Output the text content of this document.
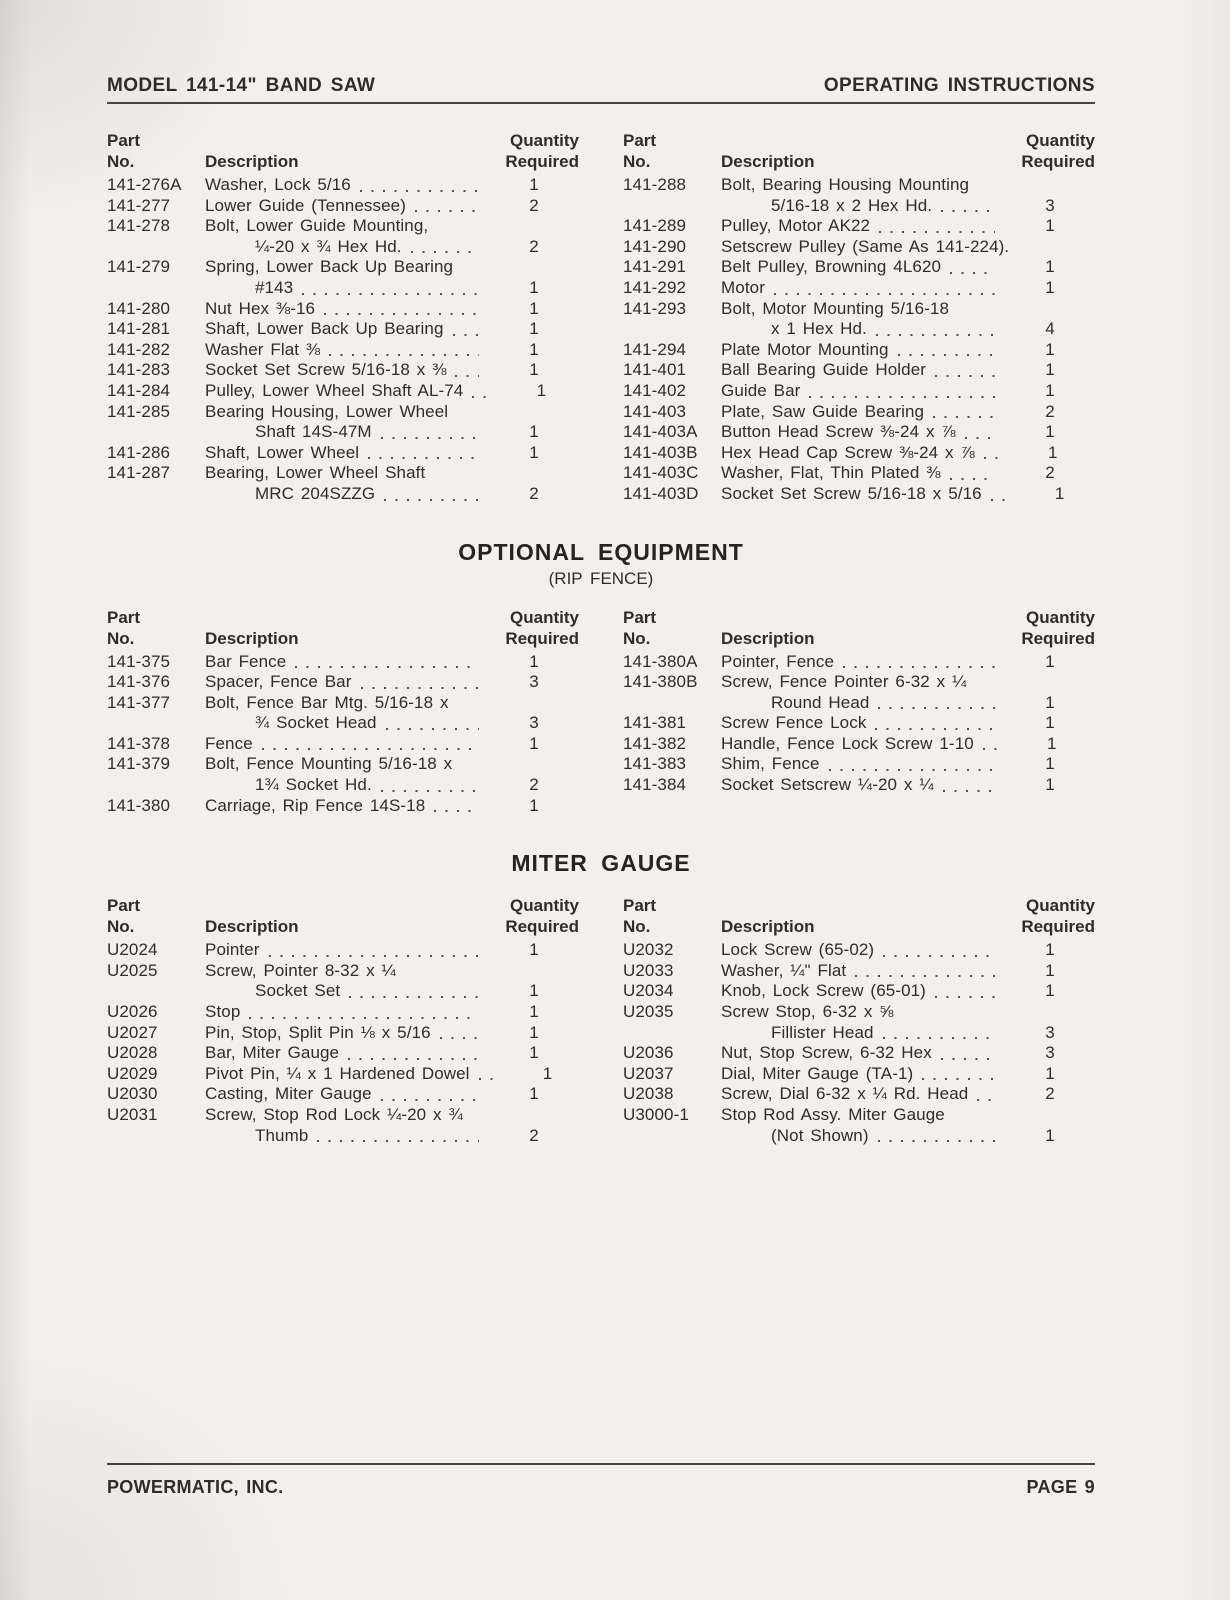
MODEL 141-14" BAND SAW	OPERATING INSTRUCTIONS
Part	Quantity
No.	Description	Required
141-276A	Washer, Lock 5/16	1
141-277	Lower Guide (Tennessee)	2
141-278	Bolt, Lower Guide Mounting,
¼-20 x ¾ Hex Hd.	2
141-279	Spring, Lower Back Up Bearing
#143	1
141-280	Nut Hex ⅜-16	1
141-281	Shaft, Lower Back Up Bearing	1
141-282	Washer Flat ⅜	1
141-283	Socket Set Screw 5/16-18 x ⅜	1
141-284	Pulley, Lower Wheel Shaft AL-74	1
141-285	Bearing Housing, Lower Wheel
Shaft 14S-47M	1
141-286	Shaft, Lower Wheel	1
141-287	Bearing, Lower Wheel Shaft
MRC 204SZZG	2
Part	Quantity
No.	Description	Required
141-288	Bolt, Bearing Housing Mounting
5/16-18 x 2 Hex Hd.	3
141-289	Pulley, Motor AK22	1
141-290	Setscrew Pulley (Same As 141-224).
141-291	Belt Pulley, Browning 4L620	1
141-292	Motor	1
141-293	Bolt, Motor Mounting 5/16-18
x 1 Hex Hd.	4
141-294	Plate Motor Mounting	1
141-401	Ball Bearing Guide Holder	1
141-402	Guide Bar	1
141-403	Plate, Saw Guide Bearing	2
141-403A	Button Head Screw ⅜-24 x ⅞	1
141-403B	Hex Head Cap Screw ⅜-24 x ⅞	1
141-403C	Washer, Flat, Thin Plated ⅜	2
141-403D	Socket Set Screw 5/16-18 x 5/16	1
OPTIONAL EQUIPMENT
(RIP FENCE)
Part	Quantity
No.	Description	Required
141-375	Bar Fence	1
141-376	Spacer, Fence Bar	3
141-377	Bolt, Fence Bar Mtg. 5/16-18 x
¾ Socket Head	3
141-378	Fence	1
141-379	Bolt, Fence Mounting 5/16-18 x
1¾ Socket Hd.	2
141-380	Carriage, Rip Fence 14S-18	1
Part	Quantity
No.	Description	Required
141-380A	Pointer, Fence	1
141-380B	Screw, Fence Pointer 6-32 x ¼
Round Head	1
141-381	Screw Fence Lock	1
141-382	Handle, Fence Lock Screw 1-10	1
141-383	Shim, Fence	1
141-384	Socket Setscrew ¼-20 x ¼	1
MITER GAUGE
Part	Quantity
No.	Description	Required
U2024	Pointer	1
U2025	Screw, Pointer 8-32 x ¼
Socket Set	1
U2026	Stop	1
U2027	Pin, Stop, Split Pin ⅛ x 5/16	1
U2028	Bar, Miter Gauge	1
U2029	Pivot Pin, ¼ x 1 Hardened Dowel	1
U2030	Casting, Miter Gauge	1
U2031	Screw, Stop Rod Lock ¼-20 x ¾
Thumb	2
Part	Quantity
No.	Description	Required
U2032	Lock Screw (65-02)	1
U2033	Washer, ¼" Flat	1
U2034	Knob, Lock Screw (65-01)	1
U2035	Screw Stop, 6-32 x ⅝
Fillister Head	3
U2036	Nut, Stop Screw, 6-32 Hex	3
U2037	Dial, Miter Gauge (TA-1)	1
U2038	Screw, Dial 6-32 x ¼ Rd. Head	2
U3000-1	Stop Rod Assy. Miter Gauge
(Not Shown)	1
POWERMATIC, INC.	PAGE 9
